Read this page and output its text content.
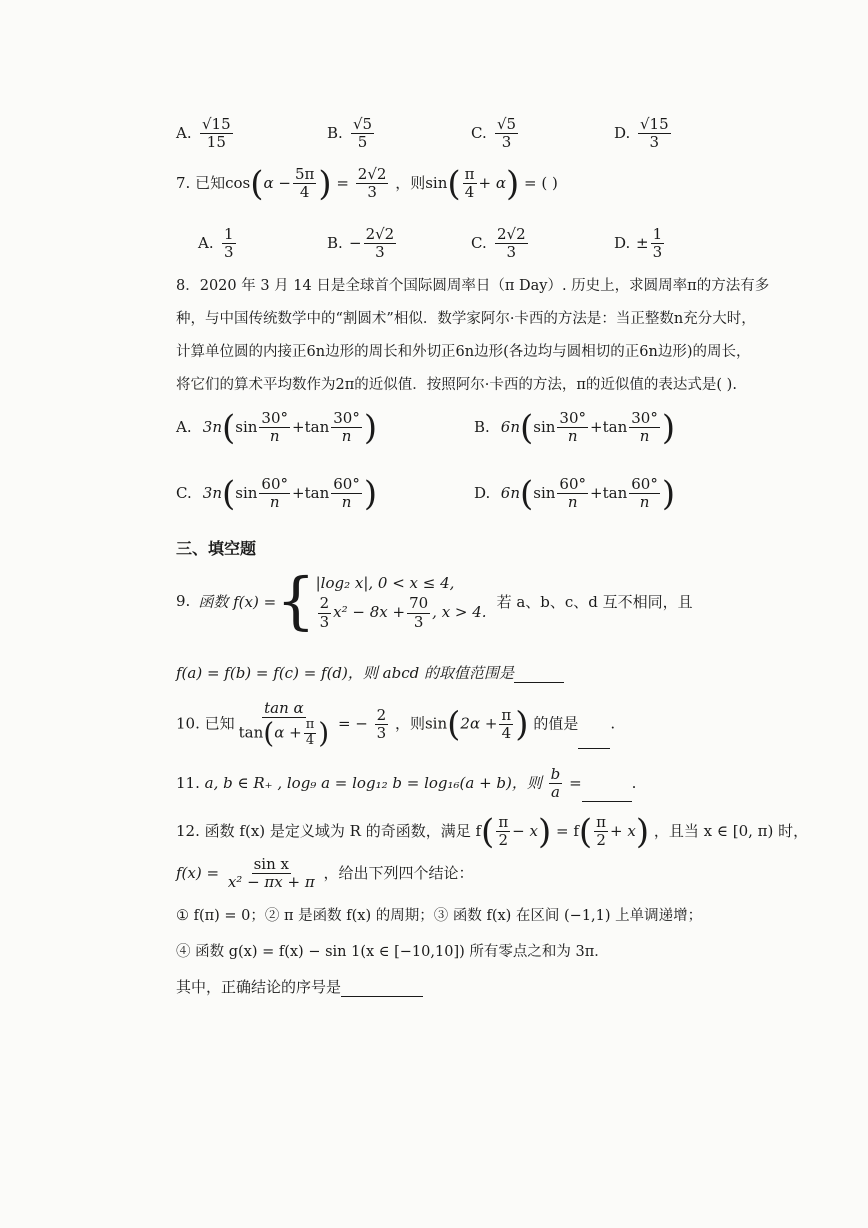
A. $\frac{√15}{15}$	B. $\frac{√5}{5}$	C. $\frac{√5}{3}$	D. $\frac{√15}{3}$
7. 已知$\cos(\alpha - \frac{5\pi}{4}$ ) = $\frac{2√2}{3}$ ，则$\sin( \frac{\pi}{4} + \alpha)$ = ( )
A. $\frac{1}{3}$	B. − $\frac{2√2}{3}$	C. $\frac{2√2}{3}$	D. ± $\frac{1}{3}$
8．2020 年 3 月 14 日是全球首个国际圆周率日（π Day）. 历史上，求圆周率π的方法有多
种，与中国传统数学中的“割圆术”相似．数学家阿尔·卡西的方法是：当正整数n充分大时，
计算单位圆的内接正6n边形的周长和外切正6n边形(各边均与圆相切的正6n边形)的周长，
将它们的算术平均数作为2π的近似值．按照阿尔·卡西的方法，π的近似值的表达式是( ).
A. $3n(\sin \frac{30^\circ}{n} +\tan \frac{30^\circ}{n}$ )	B. $6n(\sin \frac{30^\circ}{n} +\tan \frac{30^\circ}{n}$ )
C. $3n(\sin \frac{60^\circ}{n} +\tan \frac{60^\circ}{n}$ )	D. $6n(\sin \frac{60^\circ}{n} +\tan \frac{60^\circ}{n}$ )
三、填空题
9. 函数 f(x) = { |log₂ x|, 0 < x ≤ 4,
$\frac{2}{3} x^2 - 8x + \frac{70}{3}$ , x > 4.
若 a、b、c、d 互不相同，且
f(a) = f(b) = f(c) = f(d)，则 abcd 的取值范围是
10. 已知 $\frac{\text{tan α}}{\tan(\alpha + \frac{\pi}{4} )}$ = − $\frac{2}{3}$ ，则$\sin(2\alpha + \frac{\pi}{4}$ ) 的值是 .
11. a, b ∈ R₊ , log₉ a = log₁₂ b = log₁₆(a + b)，则 $\frac{b}{a}$ =	.
12. 函数 f(x) 是定义域为 R 的奇函数，满足 $f( \frac{\pi}{2} - x) = f( \frac{\pi}{2} + x)$ ，且当 x ∈ [0, π) 时，
$f(x) = \frac{\text{sin x}}{\text{x² − πx + π}}$ ，给出下列四个结论：
① f(π) = 0；② π 是函数 f(x) 的周期；③ 函数 f(x) 在区间 (−1,1) 上单调递增；
④ 函数 g(x) = f(x) − sin 1(x ∈ [−10,10]) 所有零点之和为 3π．
其中，正确结论的序号是
